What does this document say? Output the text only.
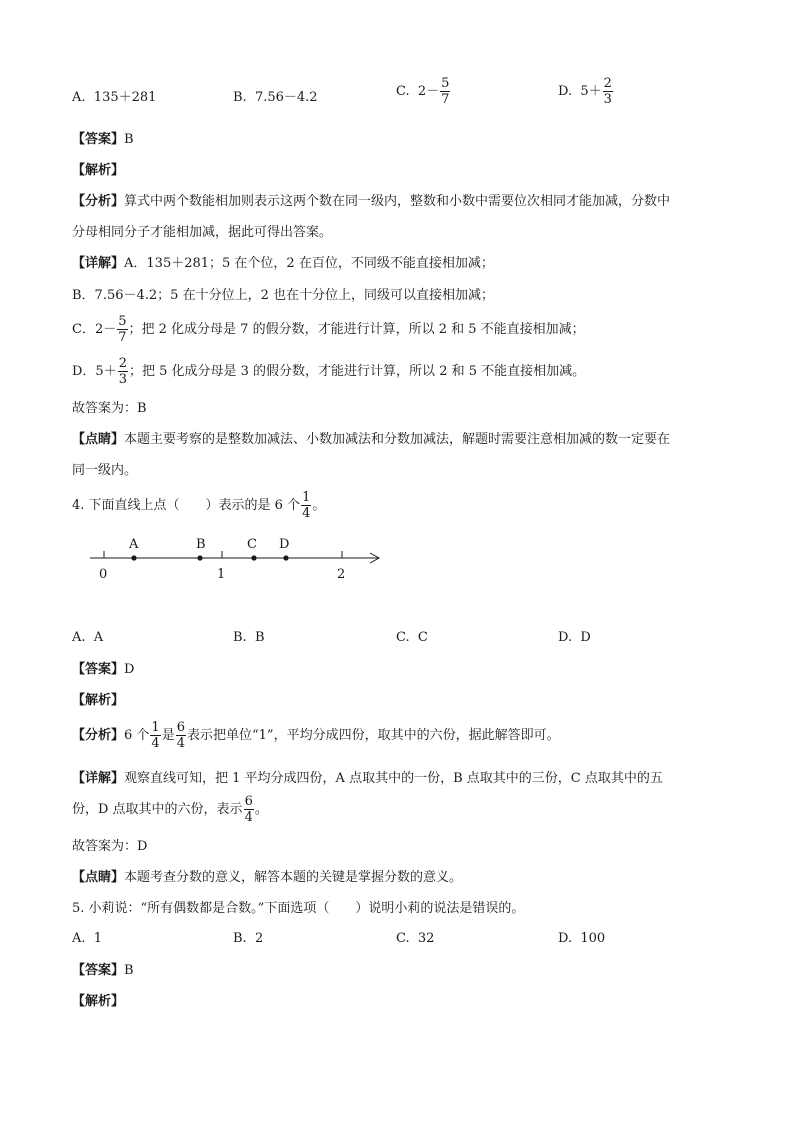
A. 135＋281	B. 7.56－4.2	C. $2- \frac{5}{7}$	D. $5+ \frac{2}{3}$
【答案】B
【解析】
【分析】算式中两个数能相加则表示这两个数在同一级内，整数和小数中需要位次相同才能加减，分数中
分母相同分子才能相加减，据此可得出答案。
【详解】A．135＋281；5 在个位，2 在百位，不同级不能直接相加减；
B．7.56－4.2；5 在十分位上，2 也在十分位上，同级可以直接相加减；
C．$2- \frac{5}{7}$ ；把 2 化成分母是 7 的假分数，才能进行计算，所以 2 和 5 不能直接相加减；
D．$5+ \frac{2}{3}$ ；把 5 化成分母是 3 的假分数，才能进行计算，所以 2 和 5 不能直接相加减。
故答案为：B
【点睛】本题主要考察的是整数加减法、小数加减法和分数加减法，解题时需要注意相加减的数一定要在
同一级内。
4. 下面直线上点（　　）表示的是 6 个 $\frac{1}{4}$ 。
0	1	2
A	B	C D
A. A	B. B	C. C	D. D
【答案】D
【解析】
【分析】6 个 $\frac{1}{4}$ 是 $\frac{6}{4}$ 表示把单位“1”，平均分成四份，取其中的六份，据此解答即可。
【详解】观察直线可知，把 1 平均分成四份，A 点取其中的一份，B 点取其中的三份，C 点取其中的五
份，D 点取其中的六份，表示 $\frac{6}{4}$ 。
故答案为：D
【点睛】本题考查分数的意义，解答本题的关键是掌握分数的意义。
5. 小莉说：“所有偶数都是合数。”下面选项（　　）说明小莉的说法是错误的。
A. 1	B. 2	C. 32	D. 100
【答案】B
【解析】
